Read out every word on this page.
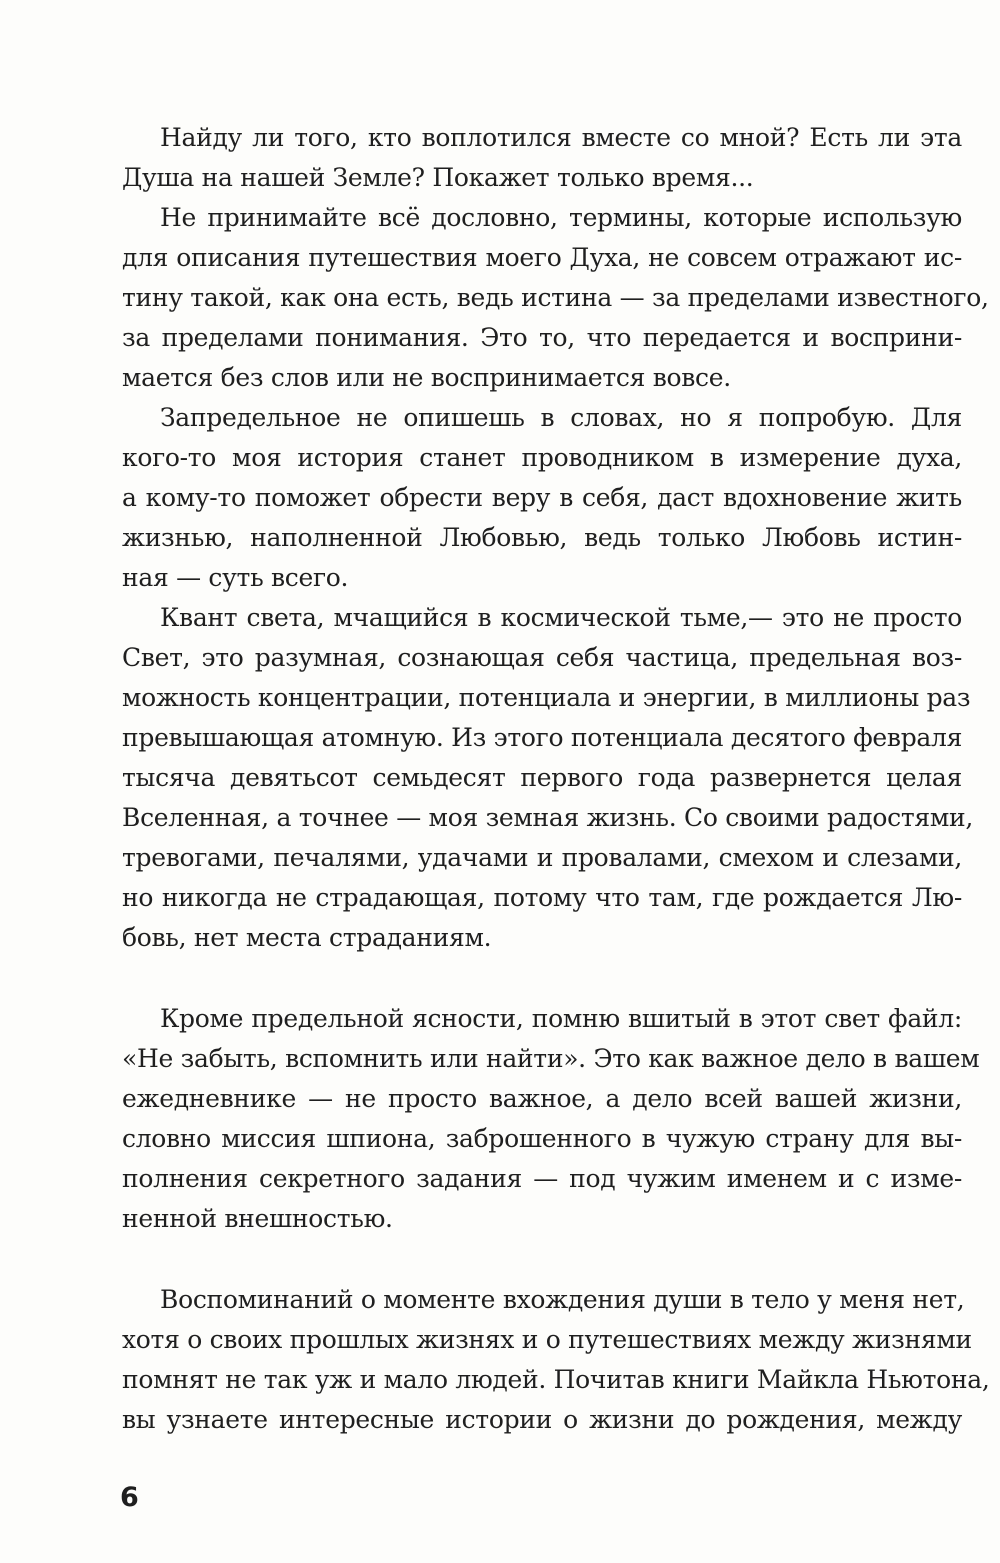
Найду ли того, кто воплотился вместе со мной? Есть ли эта
Душа на нашей Земле? Покажет только время...
Не принимайте всё дословно, термины, которые использую
для описания путешествия моего Духа, не совсем отражают ис-
тину такой, как она есть, ведь истина — за пределами известного,
за пределами понимания. Это то, что передается и восприни-
мается без слов или не воспринимается вовсе.
Запредельное не опишешь в словах, но я попробую. Для
кого-то моя история станет проводником в измерение духа,
а кому-то поможет обрести веру в себя, даст вдохновение жить
жизнью, наполненной Любовью, ведь только Любовь истин-
ная — суть всего.
Квант света, мчащийся в космической тьме,— это не просто
Свет, это разумная, сознающая себя частица, предельная воз-
можность концентрации, потенциала и энергии, в миллионы раз
превышающая атомную. Из этого потенциала десятого февраля
тысяча девятьсот семьдесят первого года развернется целая
Вселенная, а точнее — моя земная жизнь. Со своими радостями,
тревогами, печалями, удачами и провалами, смехом и слезами,
но никогда не страдающая, потому что там, где рождается Лю-
бовь, нет места страданиям.
Кроме предельной ясности, помню вшитый в этот свет файл:
«Не забыть, вспомнить или найти». Это как важное дело в вашем
ежедневнике — не просто важное, а дело всей вашей жизни,
словно миссия шпиона, заброшенного в чужую страну для вы-
полнения секретного задания — под чужим именем и с изме-
ненной внешностью.
Воспоминаний о моменте вхождения души в тело у меня нет,
хотя о своих прошлых жизнях и о путешествиях между жизнями
помнят не так уж и мало людей. Почитав книги Майкла Ньютона,
вы узнаете интересные истории о жизни до рождения, между
6
